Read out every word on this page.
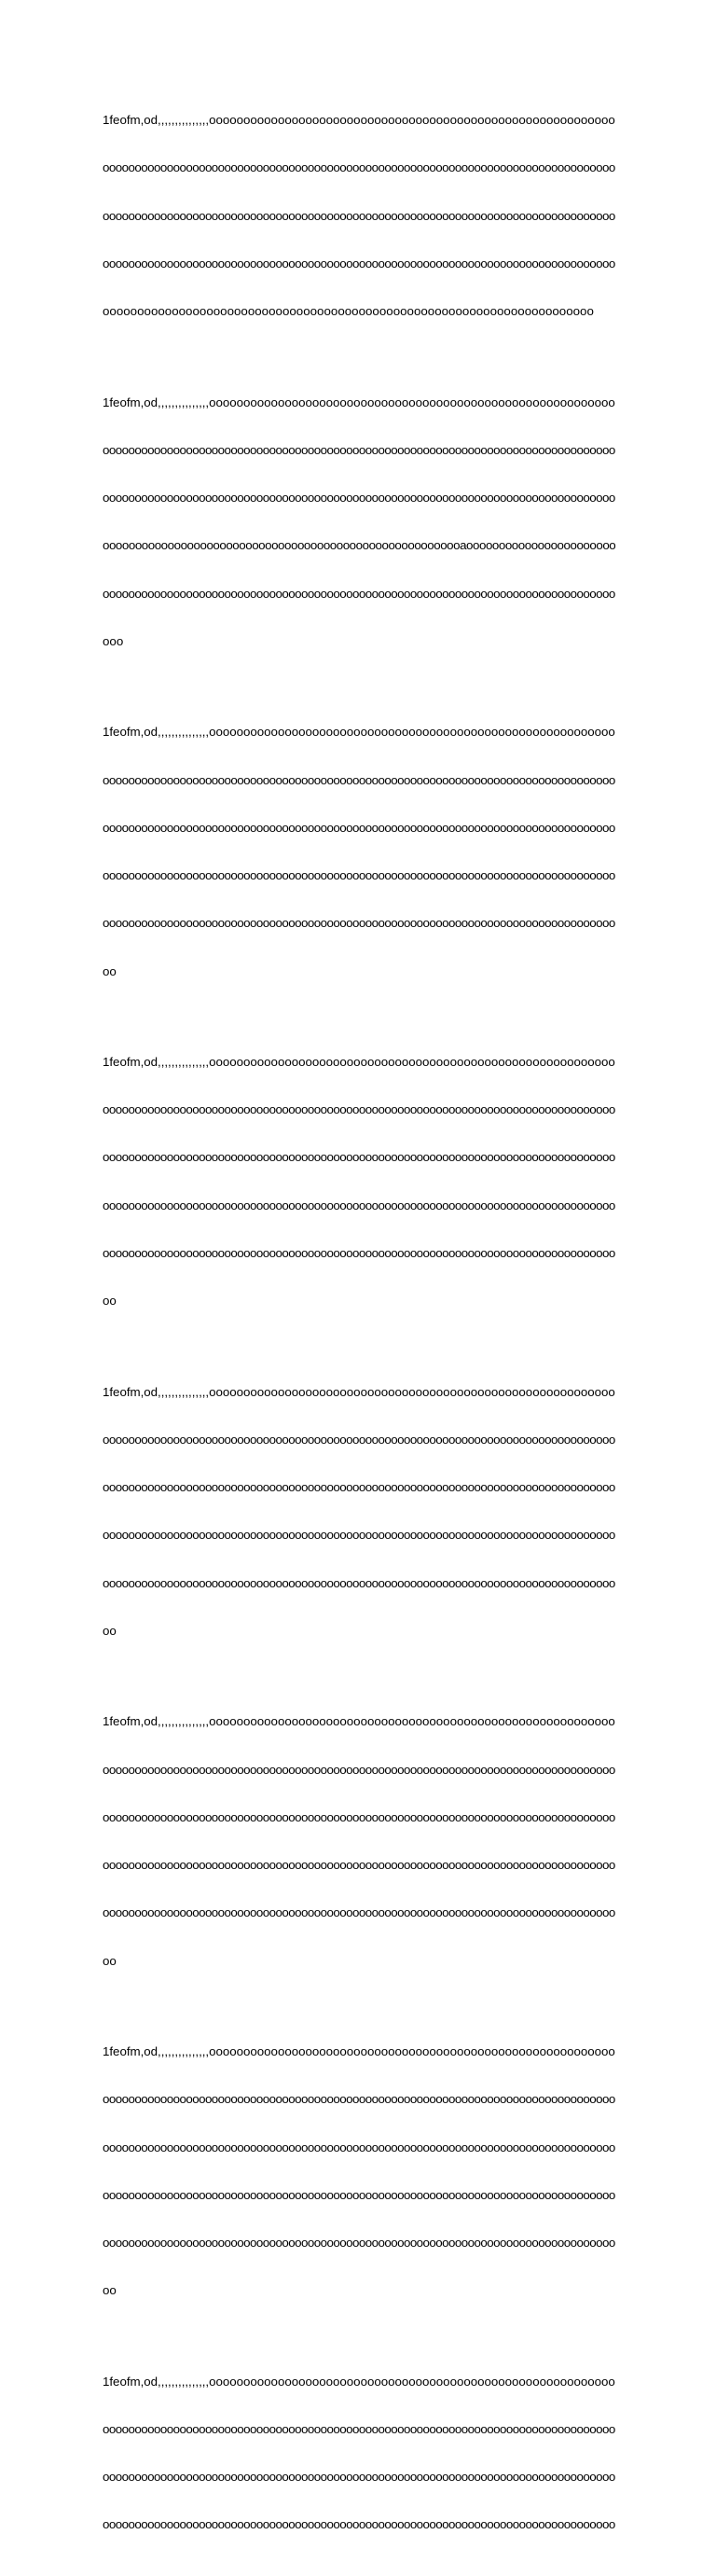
1feofm,od,,,,,,,,,,,,,,,ooooooooooooooooooooooooooooooooooooooooooooooooooooooooooo

oooooooooooooooooooooooooooooooooooooooooooooooooooooooooooooooooooooooooooooooo

oooooooooooooooooooooooooooooooooooooooooooooooooooooooooooooooooooooooooooooooo

oooooooooooooooooooooooooooooooooooooooooooooooooooooooooooooooooooooooooooooooo

ooooooooooooooooooooooooooooooooooooooooooooooooooooooooooooooooooooooo

1feofm,od,,,,,,,,,,,,,,,ooooooooooooooooooooooooooooooooooooooooooooooooooooooooooo

oooooooooooooooooooooooooooooooooooooooooooooooooooooooooooooooooooooooooooooooo

oooooooooooooooooooooooooooooooooooooooooooooooooooooooooooooooooooooooooooooooo

oooooooooooooooooooooooooooooooooooooooooooooooooooooooaooooooooooooooooooooooo

oooooooooooooooooooooooooooooooooooooooooooooooooooooooooooooooooooooooooooooooo

ooo

1feofm,od,,,,,,,,,,,,,,,ooooooooooooooooooooooooooooooooooooooooooooooooooooooooooo

oooooooooooooooooooooooooooooooooooooooooooooooooooooooooooooooooooooooooooooooo

oooooooooooooooooooooooooooooooooooooooooooooooooooooooooooooooooooooooooooooooo

oooooooooooooooooooooooooooooooooooooooooooooooooooooooooooooooooooooooooooooooo

oooooooooooooooooooooooooooooooooooooooooooooooooooooooooooooooooooooooooooooooo

oo

1feofm,od,,,,,,,,,,,,,,,ooooooooooooooooooooooooooooooooooooooooooooooooooooooooooo

oooooooooooooooooooooooooooooooooooooooooooooooooooooooooooooooooooooooooooooooo

oooooooooooooooooooooooooooooooooooooooooooooooooooooooooooooooooooooooooooooooo

oooooooooooooooooooooooooooooooooooooooooooooooooooooooooooooooooooooooooooooooo

oooooooooooooooooooooooooooooooooooooooooooooooooooooooooooooooooooooooooooooooo

oo

1feofm,od,,,,,,,,,,,,,,,ooooooooooooooooooooooooooooooooooooooooooooooooooooooooooo

oooooooooooooooooooooooooooooooooooooooooooooooooooooooooooooooooooooooooooooooo

oooooooooooooooooooooooooooooooooooooooooooooooooooooooooooooooooooooooooooooooo

oooooooooooooooooooooooooooooooooooooooooooooooooooooooooooooooooooooooooooooooo

oooooooooooooooooooooooooooooooooooooooooooooooooooooooooooooooooooooooooooooooo

oo

1feofm,od,,,,,,,,,,,,,,,ooooooooooooooooooooooooooooooooooooooooooooooooooooooooooo

oooooooooooooooooooooooooooooooooooooooooooooooooooooooooooooooooooooooooooooooo

oooooooooooooooooooooooooooooooooooooooooooooooooooooooooooooooooooooooooooooooo

oooooooooooooooooooooooooooooooooooooooooooooooooooooooooooooooooooooooooooooooo

oooooooooooooooooooooooooooooooooooooooooooooooooooooooooooooooooooooooooooooooo

oo

1feofm,od,,,,,,,,,,,,,,,ooooooooooooooooooooooooooooooooooooooooooooooooooooooooooo

oooooooooooooooooooooooooooooooooooooooooooooooooooooooooooooooooooooooooooooooo

oooooooooooooooooooooooooooooooooooooooooooooooooooooooooooooooooooooooooooooooo

oooooooooooooooooooooooooooooooooooooooooooooooooooooooooooooooooooooooooooooooo

oooooooooooooooooooooooooooooooooooooooooooooooooooooooooooooooooooooooooooooooo

oo

1feofm,od,,,,,,,,,,,,,,,ooooooooooooooooooooooooooooooooooooooooooooooooooooooooooo

oooooooooooooooooooooooooooooooooooooooooooooooooooooooooooooooooooooooooooooooo

oooooooooooooooooooooooooooooooooooooooooooooooooooooooooooooooooooooooooooooooo

oooooooooooooooooooooooooooooooooooooooooooooooooooooooooooooooooooooooooooooooo
